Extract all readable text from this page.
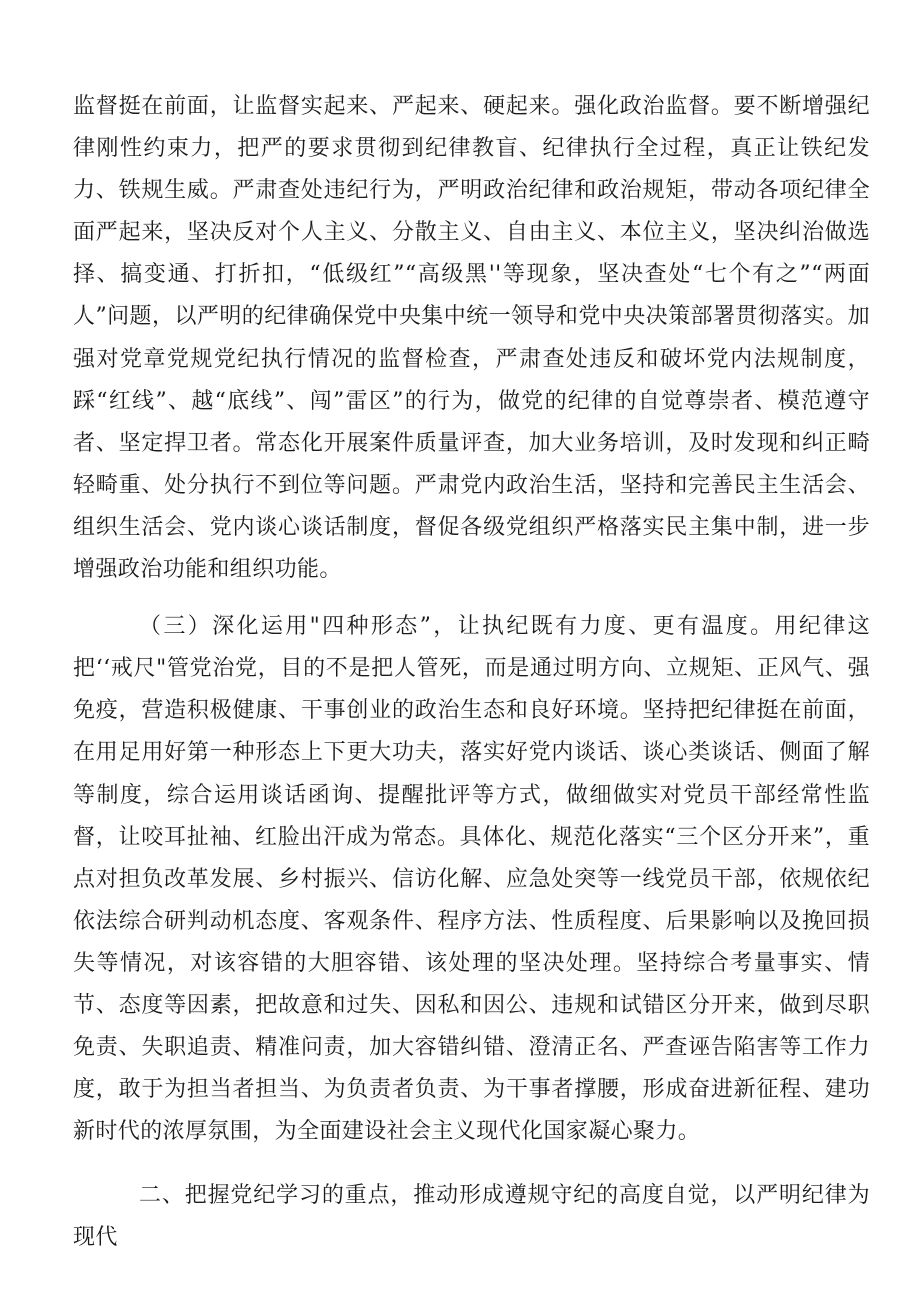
监督挺在前面，让监督实起来、严起来、硬起来。强化政治监督。要不断增强纪律刚性约束力，把严的要求贯彻到纪律教盲、纪律执行全过程，真正让铁纪发力、铁规生威。严肃查处违纪行为，严明政治纪律和政治规矩，带动各项纪律全面严起来，坚决反对个人主义、分散主义、自由主义、本位主义，坚决纠治做选择、搞变通、打折扣，“低级红”“高级黑''等现象，坚决查处“七个有之”“两面人”问题，以严明的纪律确保党中央集中统一领导和党中央决策部署贯彻落实。加强对党章党规党纪执行情况的监督检查，严肃查处违反和破坏党内法规制度，踩“红线”、越“底线”、闯”雷区”的行为，做党的纪律的自觉尊崇者、模范遵守者、坚定捍卫者。常态化开展案件质量评查，加大业务培训，及时发现和纠正畸轻畸重、处分执行不到位等问题。严肃党内政治生活，坚持和完善民主生活会、组织生活会、党内谈心谈话制度，督促各级党组织严格落实民主集中制，进一步增强政治功能和组织功能。

（三）深化运用"四种形态”，让执纪既有力度、更有温度。用纪律这把‘‘戒尺"管党治党，目的不是把人管死，而是通过明方向、立规矩、正风气、强免疫，营造积极健康、干事创业的政治生态和良好环境。坚持把纪律挺在前面，在用足用好第一种形态上下更大功夫，落实好党内谈话、谈心类谈话、侧面了解等制度，综合运用谈话函询、提醒批评等方式，做细做实对党员干部经常性监督，让咬耳扯袖、红脸出汗成为常态。具体化、规范化落实“三个区分开来”，重点对担负改革发展、乡村振兴、信访化解、应急处突等一线党员干部，依规依纪依法综合研判动机态度、客观条件、程序方法、性质程度、后果影响以及挽回损失等情况，对该容错的大胆容错、该处理的坚决处理。坚持综合考量事实、情节、态度等因素，把故意和过失、因私和因公、违规和试错区分开来，做到尽职免责、失职追责、精准问责，加大容错纠错、澄清正名、严查诬告陷害等工作力度，敢于为担当者担当、为负责者负责、为干事者撑腰，形成奋进新征程、建功新时代的浓厚氛围，为全面建设社会主义现代化国家凝心聚力。

二、把握党纪学习的重点，推动形成遵规守纪的高度自觉，以严明纪律为现代
